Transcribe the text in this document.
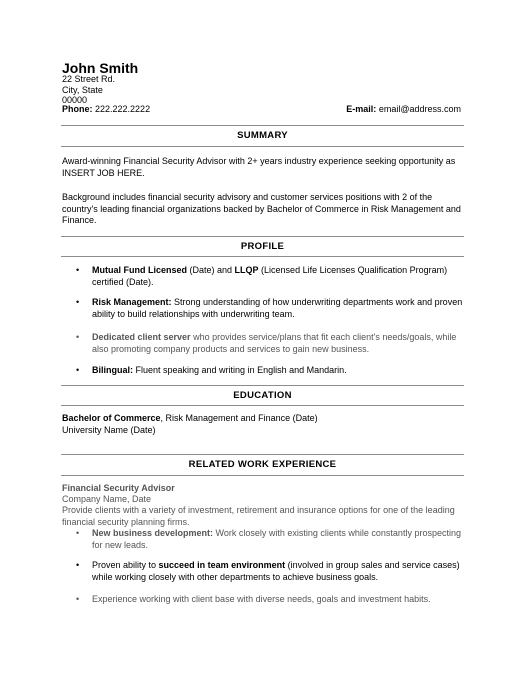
John Smith
22 Street Rd.
City, State
00000
Phone: 222.222.2222	E-mail: email@address.com
SUMMARY
Award-winning Financial Security Advisor with 2+ years industry experience seeking opportunity as INSERT JOB HERE.
Background includes financial security advisory and customer services positions with 2 of the country's leading financial organizations backed by Bachelor of Commerce in Risk Management and Finance.
PROFILE
• Mutual Fund Licensed (Date) and LLQP (Licensed Life Licenses Qualification Program) certified (Date).
• Risk Management: Strong understanding of how underwriting departments work and proven ability to build relationships with underwriting team.
• Dedicated client server who provides service/plans that fit each client's needs/goals, while also promoting company products and services to gain new business.
• Bilingual: Fluent speaking and writing in English and Mandarin.
EDUCATION
Bachelor of Commerce, Risk Management and Finance (Date)
University Name (Date)
RELATED WORK EXPERIENCE
Financial Security Advisor
Company Name, Date
Provide clients with a variety of investment, retirement and insurance options for one of the leading financial security planning firms.
• New business development: Work closely with existing clients while constantly prospecting for new leads.
• Proven ability to succeed in team environment (involved in group sales and service cases) while working closely with other departments to achieve business goals.
• Experience working with client base with diverse needs, goals and investment habits.
